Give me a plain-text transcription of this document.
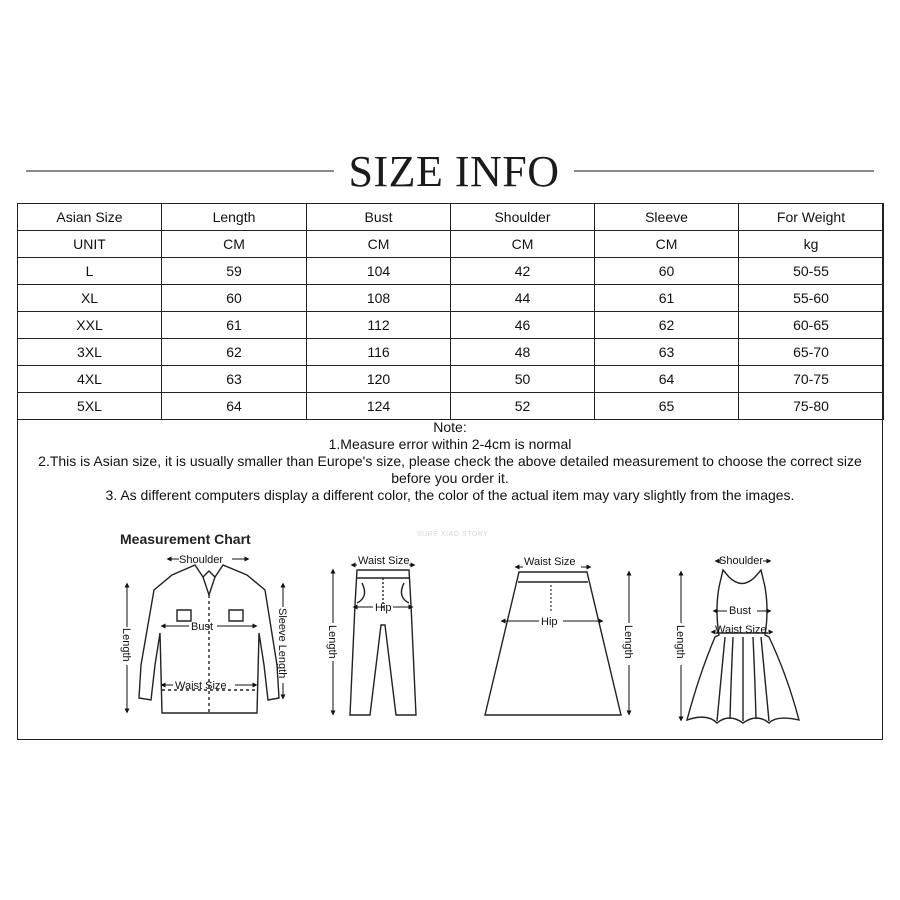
SIZE INFO
Asian Size	Length	Bust	Shoulder	Sleeve	For Weight
UNIT	CM	CM	CM	CM	kg
L	59	104	42	60	50-55
XL	60	108	44	61	55-60
XXL	61	112	46	62	60-65
3XL	62	116	48	63	65-70
4XL	63	120	50	64	70-75
5XL	64	124	52	65	75-80
Note:
1.Measure error within 2-4cm is normal
2.This is Asian size, it is usually smaller than Europe's size, please check the above detailed measurement to choose the correct size
before you order it.
3. As different computers display a different color, the color of the actual item may vary slightly from the images.
Measurement Chart	SURE XIAO STORY
Shoulder
Bust
Waist Size
Length	Sleeve Length
Waist Size
Hip
Length
Waist Size
Hip
Length
Shoulder
Bust
Waist Size
Length
